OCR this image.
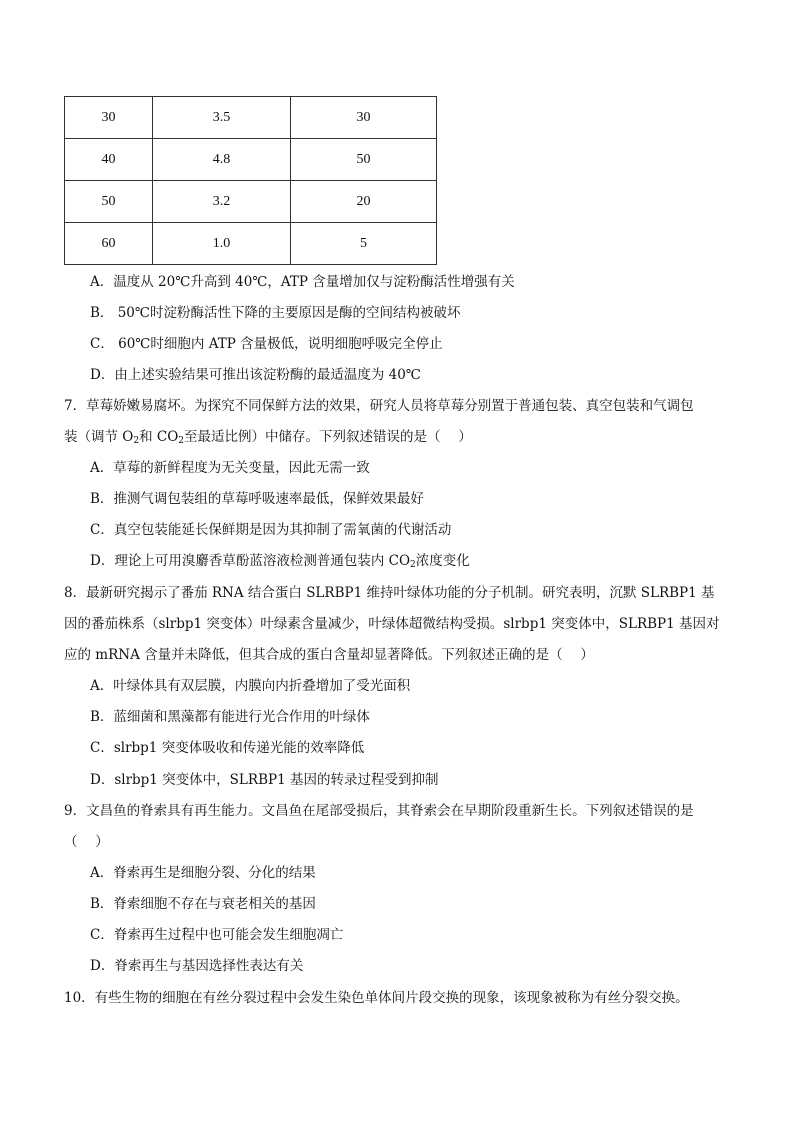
30	3.5	30
40	4.8	50
50	3.2	20
60	1.0	5
A．温度从 20℃升高到 40℃，ATP 含量增加仅与淀粉酶活性增强有关
B． 50℃时淀粉酶活性下降的主要原因是酶的空间结构被破坏
C． 60℃时细胞内 ATP 含量极低，说明细胞呼吸完全停止
D．由上述实验结果可推出该淀粉酶的最适温度为 40℃
7．草莓娇嫩易腐坏。为探究不同保鲜方法的效果，研究人员将草莓分别置于普通包装、真空包装和气调包
装（调节 $O_2$和 $CO_2$至最适比例）中储存。下列叙述错误的是（　 ）
A．草莓的新鲜程度为无关变量，因此无需一致
B．推测气调包装组的草莓呼吸速率最低，保鲜效果最好
C．真空包装能延长保鲜期是因为其抑制了需氧菌的代谢活动
D．理论上可用溴麝香草酚蓝溶液检测普通包装内 $CO_2$浓度变化
8．最新研究揭示了番茄 RNA 结合蛋白 SLRBP1 维持叶绿体功能的分子机制。研究表明，沉默 SLRBP1 基
因的番茄株系（slrbp1 突变体）叶绿素含量减少，叶绿体超微结构受损。slrbp1 突变体中，SLRBP1 基因对
应的 mRNA 含量并未降低，但其合成的蛋白含量却显著降低。下列叙述正确的是（　 ）
A．叶绿体具有双层膜，内膜向内折叠增加了受光面积
B．蓝细菌和黑藻都有能进行光合作用的叶绿体
C．slrbp1 突变体吸收和传递光能的效率降低
D．slrbp1 突变体中，SLRBP1 基因的转录过程受到抑制
9．文昌鱼的脊索具有再生能力。文昌鱼在尾部受损后，其脊索会在早期阶段重新生长。下列叙述错误的是
（　 ）
A．脊索再生是细胞分裂、分化的结果
B．脊索细胞不存在与衰老相关的基因
C．脊索再生过程中也可能会发生细胞凋亡
D．脊索再生与基因选择性表达有关
10．有些生物的细胞在有丝分裂过程中会发生染色单体间片段交换的现象，该现象被称为有丝分裂交换。
